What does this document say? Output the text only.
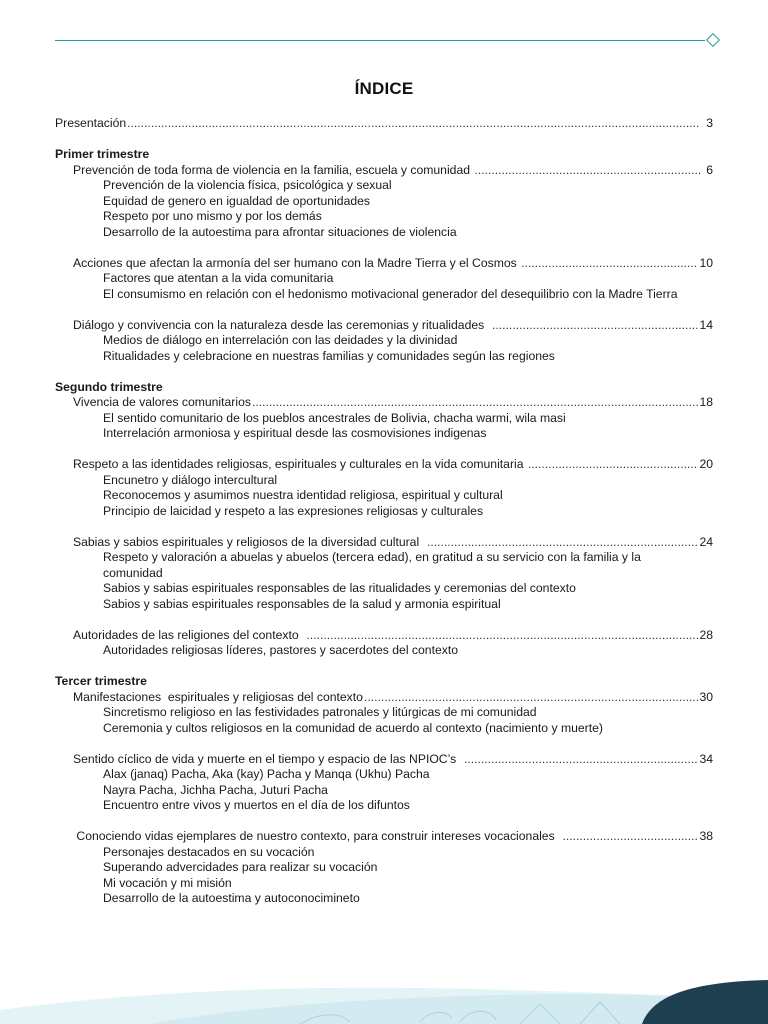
ÍNDICE
Presentación .....	3
Primer trimestre
Prevención de toda forma de violencia en la familia, escuela y comunidad .....	6
Prevención de la violencia física, psicológica y sexual
Equidad de genero en igualdad de oportunidades
Respeto por uno mismo y por los demás
Desarrollo de la autoestima para afrontar situaciones de violencia
Acciones que afectan la armonía del ser humano con la Madre Tierra y el Cosmos .....	10
Factores que atentan a la vida comunitaria
El consumismo en relación con el hedonismo motivacional generador del desequilibrio con la Madre Tierra
Diálogo y convivencia con la naturaleza desde las ceremonias y ritualidades .....	14
Medios de diálogo en interrelación con las deidades y la divinidad
Ritualidades y celebracione en nuestras familias y comunidades según las regiones
Segundo trimestre
Vivencia de valores comunitarios .....	18
El sentido comunitario de los pueblos ancestrales de Bolivia, chacha warmi, wila masi
Interrelación armoniosa y espiritual desde las cosmovisiones indigenas
Respeto a las identidades religiosas, espirituales y culturales en la vida comunitaria .....	20
Encunetro y diálogo intercultural
Reconocemos y asumimos nuestra identidad religiosa, espiritual y cultural
Principio de laicidad y respeto a las expresiones religiosas y culturales
Sabias y sabios espirituales y religiosos de la diversidad cultural .....	24
Respeto y valoración a abuelas y abuelos (tercera edad), en gratitud a su servicio con la familia y la comunidad
Sabios y sabias espirituales responsables de las ritualidades y ceremonias del contexto
Sabios y sabias espirituales responsables de la salud y armonia espiritual
Autoridades de las religiones del contexto .....	28
Autoridades religiosas líderes, pastores y sacerdotes del contexto
Tercer trimestre
Manifestaciones  espirituales y religiosas del contexto .....	30
Sincretismo religioso en las festividades patronales y litúrgicas de mi comunidad
Ceremonia y cultos religiosos en la comunidad de acuerdo al contexto (nacimiento y muerte)
Sentido cíclico de vida y muerte en el tiempo y espacio de las NPIOC’s .....	34
Alax (janaq) Pacha, Aka (kay) Pacha y Manqa (Ukhu) Pacha
Nayra Pacha, Jichha Pacha, Juturi Pacha
Encuentro entre vivos y muertos en el día de los difuntos
Conociendo vidas ejemplares de nuestro contexto, para construir intereses vocacionales .....	38
Personajes destacados en su vocación
Superando advercidades para realizar su vocación
Mi vocación y mi misión
Desarrollo de la autoestima y autoconocimineto
